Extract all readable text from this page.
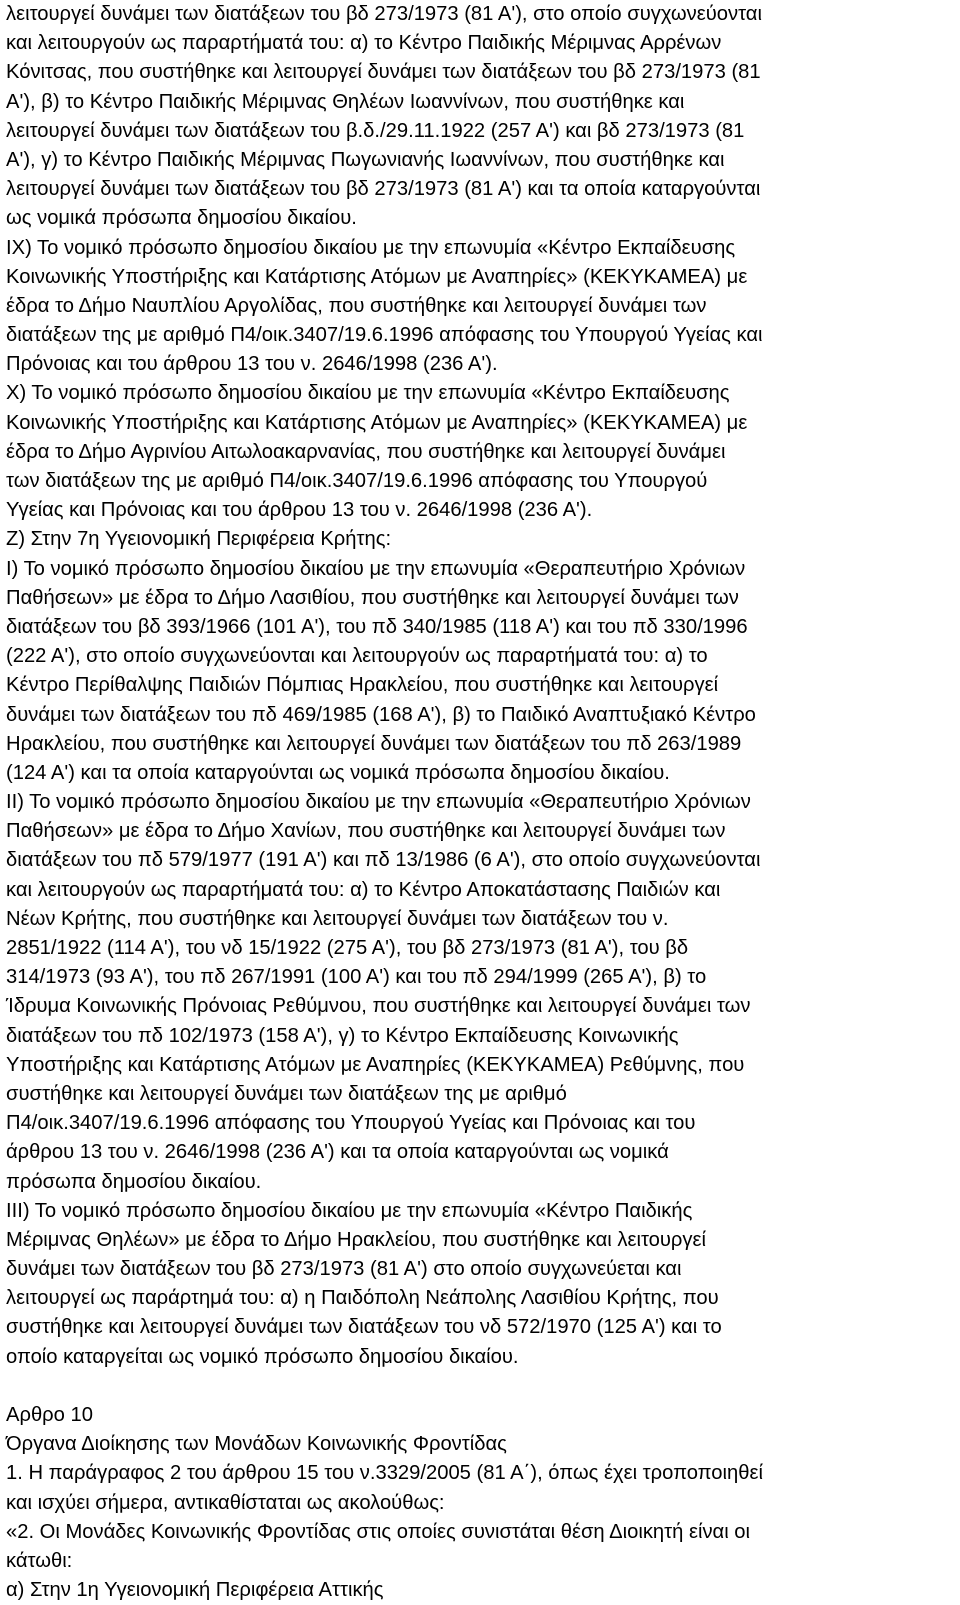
λειτουργεί δυνάμει των διατάξεων του βδ 273/1973 (81 Α'), στο οποίο συγχωνεύονται
και λειτουργούν ως παραρτήματά του: α) το Κέντρο Παιδικής Μέριμνας Αρρένων
Κόνιτσας, που συστήθηκε και λειτουργεί δυνάμει των διατάξεων του βδ 273/1973 (81
Α'), β) το Κέντρο Παιδικής Μέριμνας Θηλέων Ιωαννίνων, που συστήθηκε και
λειτουργεί δυνάμει των διατάξεων του β.δ./29.11.1922 (257 Α') και βδ 273/1973 (81
Α'), γ) το Κέντρο Παιδικής Μέριμνας Πωγωνιανής Ιωαννίνων, που συστήθηκε και
λειτουργεί δυνάμει των διατάξεων του βδ 273/1973 (81 Α') και τα οποία καταργούνται
ως νομικά πρόσωπα δημοσίου δικαίου.
ΙΧ) Το νομικό πρόσωπο δημοσίου δικαίου με την επωνυμία «Κέντρο Εκπαίδευσης
Κοινωνικής Υποστήριξης και Κατάρτισης Ατόμων με Αναπηρίες» (ΚΕΚΥΚΑΜΕΑ) με
έδρα το Δήμο Ναυπλίου Αργολίδας, που συστήθηκε και λειτουργεί δυνάμει των
διατάξεων της με αριθμό Π4/οικ.3407/19.6.1996 απόφασης του Υπουργού Υγείας και
Πρόνοιας και του άρθρου 13 του ν. 2646/1998 (236 Α').
Χ) Το νομικό πρόσωπο δημοσίου δικαίου με την επωνυμία «Κέντρο Εκπαίδευσης
Κοινωνικής Υποστήριξης και Κατάρτισης Ατόμων με Αναπηρίες» (ΚΕΚΥΚΑΜΕΑ) με
έδρα το Δήμο Αγρινίου Αιτωλοακαρνανίας, που συστήθηκε και λειτουργεί δυνάμει
των διατάξεων της με αριθμό Π4/οικ.3407/19.6.1996 απόφασης του Υπουργού
Υγείας και Πρόνοιας και του άρθρου 13 του ν. 2646/1998 (236 Α').
Ζ) Στην 7η Υγειονομική Περιφέρεια Κρήτης:
Ι) Το νομικό πρόσωπο δημοσίου δικαίου με την επωνυμία «Θεραπευτήριο Χρόνιων
Παθήσεων» με έδρα το Δήμο Λασιθίου, που συστήθηκε και λειτουργεί δυνάμει των
διατάξεων του βδ 393/1966 (101 Α'), του πδ 340/1985 (118 Α') και του πδ 330/1996
(222 Α'), στο οποίο συγχωνεύονται και λειτουργούν ως παραρτήματά του: α) το
Κέντρο Περίθαλψης Παιδιών Πόμπιας Ηρακλείου, που συστήθηκε και λειτουργεί
δυνάμει των διατάξεων του πδ 469/1985 (168 Α'), β) το Παιδικό Αναπτυξιακό Κέντρο
Ηρακλείου, που συστήθηκε και λειτουργεί δυνάμει των διατάξεων του πδ 263/1989
(124 Α') και τα οποία καταργούνται ως νομικά πρόσωπα δημοσίου δικαίου.
ΙΙ) Το νομικό πρόσωπο δημοσίου δικαίου με την επωνυμία «Θεραπευτήριο Χρόνιων
Παθήσεων» με έδρα το Δήμο Χανίων, που συστήθηκε και λειτουργεί δυνάμει των
διατάξεων του πδ 579/1977 (191 Α') και πδ 13/1986 (6 Α'), στο οποίο συγχωνεύονται
και λειτουργούν ως παραρτήματά του: α) το Κέντρο Αποκατάστασης Παιδιών και
Νέων Κρήτης, που συστήθηκε και λειτουργεί δυνάμει των διατάξεων του ν.
2851/1922 (114 Α'), του νδ 15/1922 (275 Α'), του βδ 273/1973 (81 Α'), του βδ
314/1973 (93 Α'), του πδ 267/1991 (100 Α') και του πδ 294/1999 (265 Α'), β) το
Ίδρυμα Κοινωνικής Πρόνοιας Ρεθύμνου, που συστήθηκε και λειτουργεί δυνάμει των
διατάξεων του πδ 102/1973 (158 Α'), γ) το Κέντρο Εκπαίδευσης Κοινωνικής
Υποστήριξης και Κατάρτισης Ατόμων με Αναπηρίες (ΚΕΚΥΚΑΜΕΑ) Ρεθύμνης, που
συστήθηκε και λειτουργεί δυνάμει των διατάξεων της με αριθμό
Π4/οικ.3407/19.6.1996 απόφασης του Υπουργού Υγείας και Πρόνοιας και του
άρθρου 13 του ν. 2646/1998 (236 Α') και τα οποία καταργούνται ως νομικά
πρόσωπα δημοσίου δικαίου.
ΙΙΙ) Το νομικό πρόσωπο δημοσίου δικαίου με την επωνυμία «Κέντρο Παιδικής
Μέριμνας Θηλέων» με έδρα το Δήμο Ηρακλείου, που συστήθηκε και λειτουργεί
δυνάμει των διατάξεων του βδ 273/1973 (81 Α') στο οποίο συγχωνεύεται και
λειτουργεί ως παράρτημά του: α) η Παιδόπολη Νεάπολης Λασιθίου Κρήτης, που
συστήθηκε και λειτουργεί δυνάμει των διατάξεων του νδ 572/1970 (125 Α') και το
οποίο καταργείται ως νομικό πρόσωπο δημοσίου δικαίου.
Αρθρο 10
Όργανα Διοίκησης των Μονάδων Κοινωνικής Φροντίδας
1. Η παράγραφος 2 του άρθρου 15 του ν.3329/2005 (81 Α΄), όπως έχει τροποποιηθεί
και ισχύει σήμερα, αντικαθίσταται ως ακολούθως:
«2. Οι Μονάδες Κοινωνικής Φροντίδας στις οποίες συνιστάται θέση Διοικητή είναι οι
κάτωθι:
α) Στην 1η Υγειονομική Περιφέρεια Αττικής
